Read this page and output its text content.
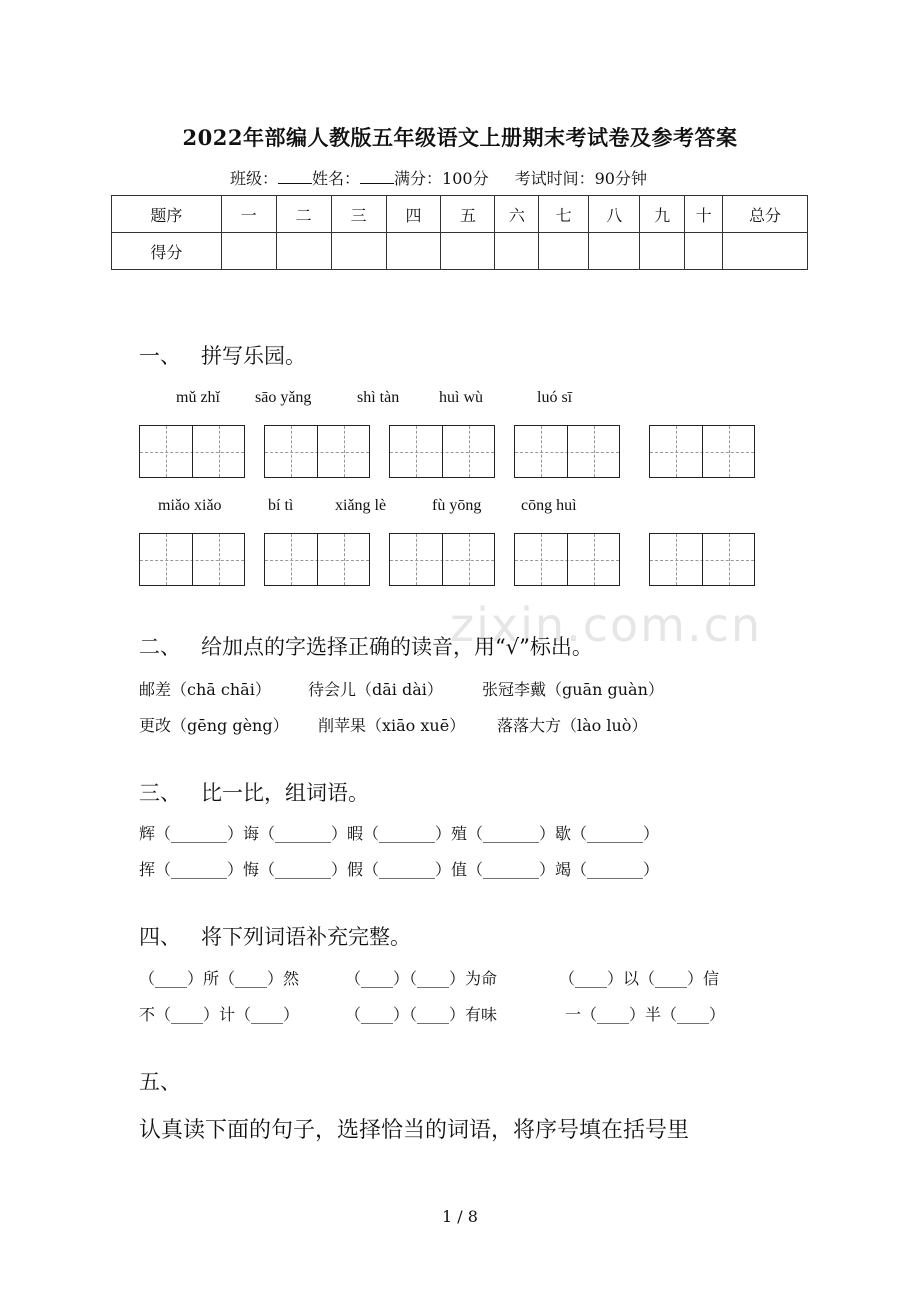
2022年部编人教版五年级语文上册期末考试卷及参考答案
班级： 姓名： 满分：100分 考试时间：90分钟
题序	一	二	三	四	五	六	七	八	九	十	总分
得分											
一、 拼写乐园。
mǔ zhǐ sāo yǎng	shì tàn huì wù	luó sī
miǎo xiǎo	bí tì	xiǎng lè	fù yōng cōng huì
zixin.com.cn
二、 给加点的字选择正确的读音，用“√”标出。
邮差（chā chāi） 待会儿（dāi dài） 张冠李戴（guān guàn）
更改（gēng gèng） 削苹果（xiāo xuē） 落落大方（lào luò）
三、 比一比，组词语。
辉（_______）诲（_______）暇（_______）殖（_______）歇（_______）
挥（_______）悔（_______）假（_______）值（_______）竭（_______）
四、 将下列词语补充完整。
（____）所（____）然	（____）（____）为命	（____）以（____）信
不（____）计（____）	（____）（____）有味	一（____）半（____）
五、
认真读下面的句子，选择恰当的词语，将序号填在括号里
1 / 8
